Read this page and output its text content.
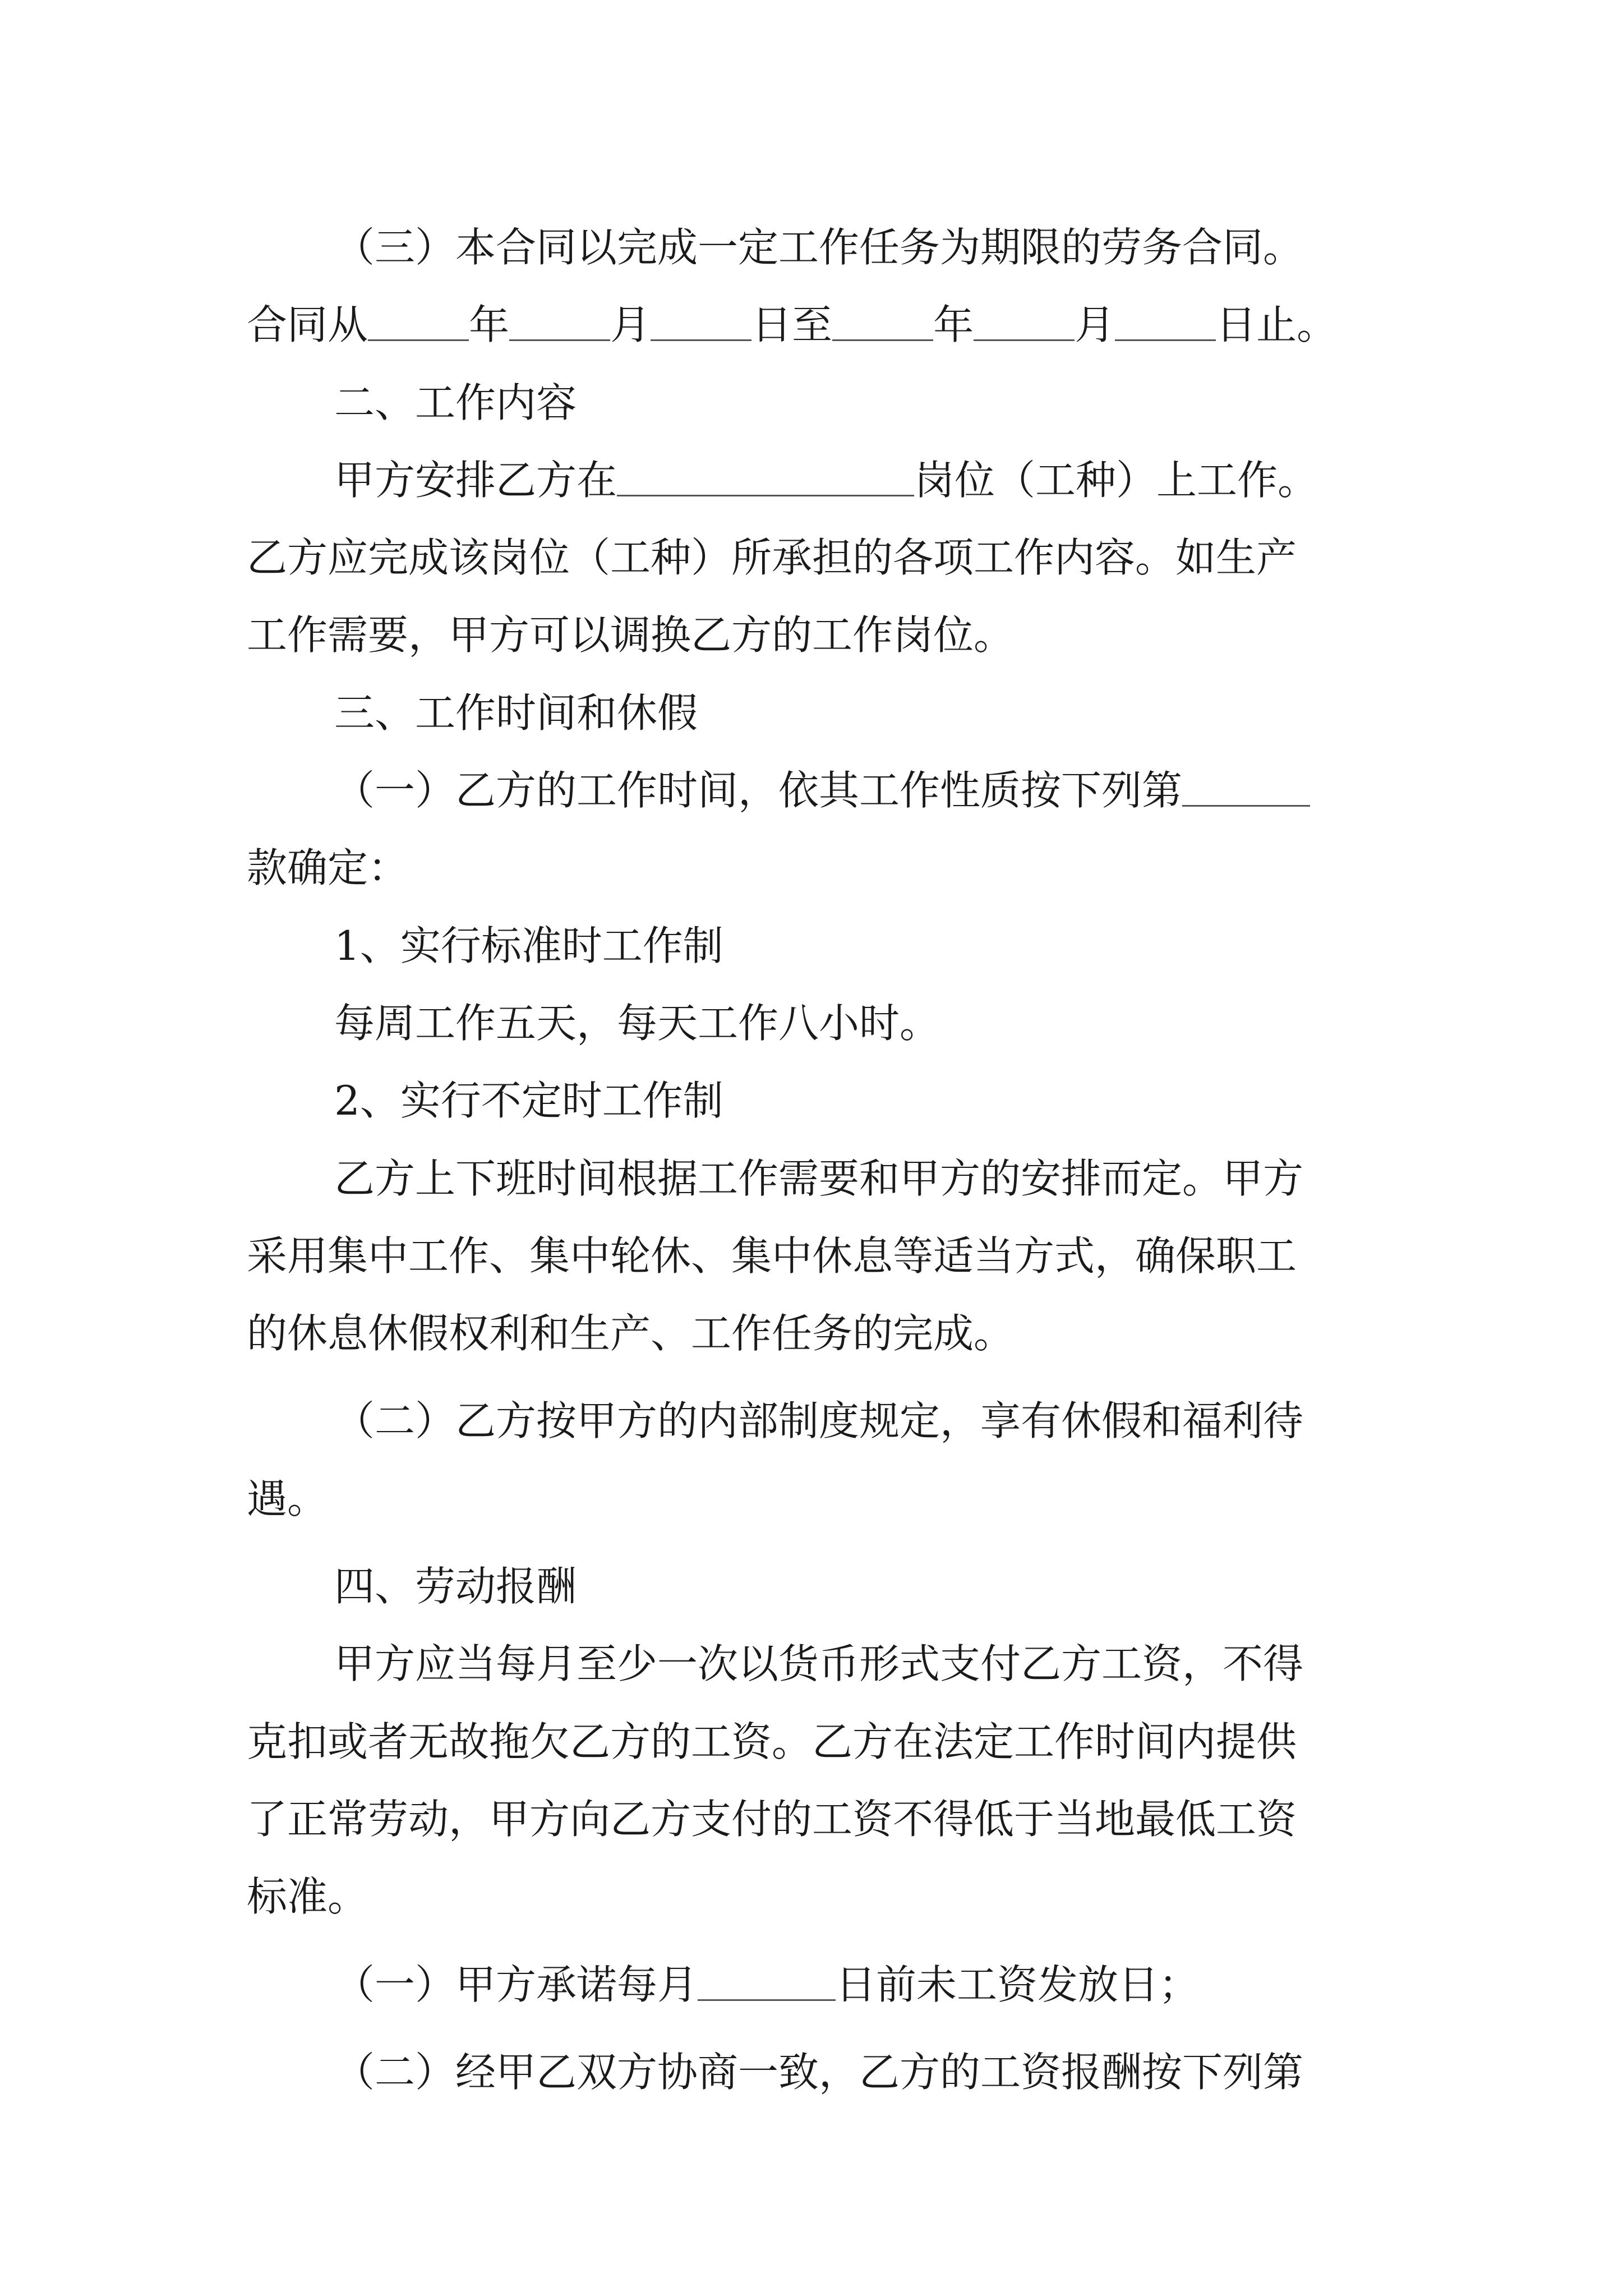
（三）本合同以完成一定工作任务为期限的劳务合同。
合同从	年	月	日至	年	月	日止。
二、工作内容
甲方安排乙方在	岗位（工种）上工作。
乙方应完成该岗位（工种）所承担的各项工作内容。如生产
工作需要，甲方可以调换乙方的工作岗位。
三、工作时间和休假
（一）乙方的工作时间，依其工作性质按下列第
款确定：
1、实行标准时工作制
每周工作五天，每天工作八小时。
2、实行不定时工作制
乙方上下班时间根据工作需要和甲方的安排而定。甲方
采用集中工作、集中轮休、集中休息等适当方式，确保职工
的休息休假权利和生产、工作任务的完成。
（二）乙方按甲方的内部制度规定，享有休假和福利待
遇。
四、劳动报酬
甲方应当每月至少一次以货币形式支付乙方工资，不得
克扣或者无故拖欠乙方的工资。乙方在法定工作时间内提供
了正常劳动，甲方向乙方支付的工资不得低于当地最低工资
标准。
（一）甲方承诺每月	日前未工资发放日；
（二）经甲乙双方协商一致，乙方的工资报酬按下列第
